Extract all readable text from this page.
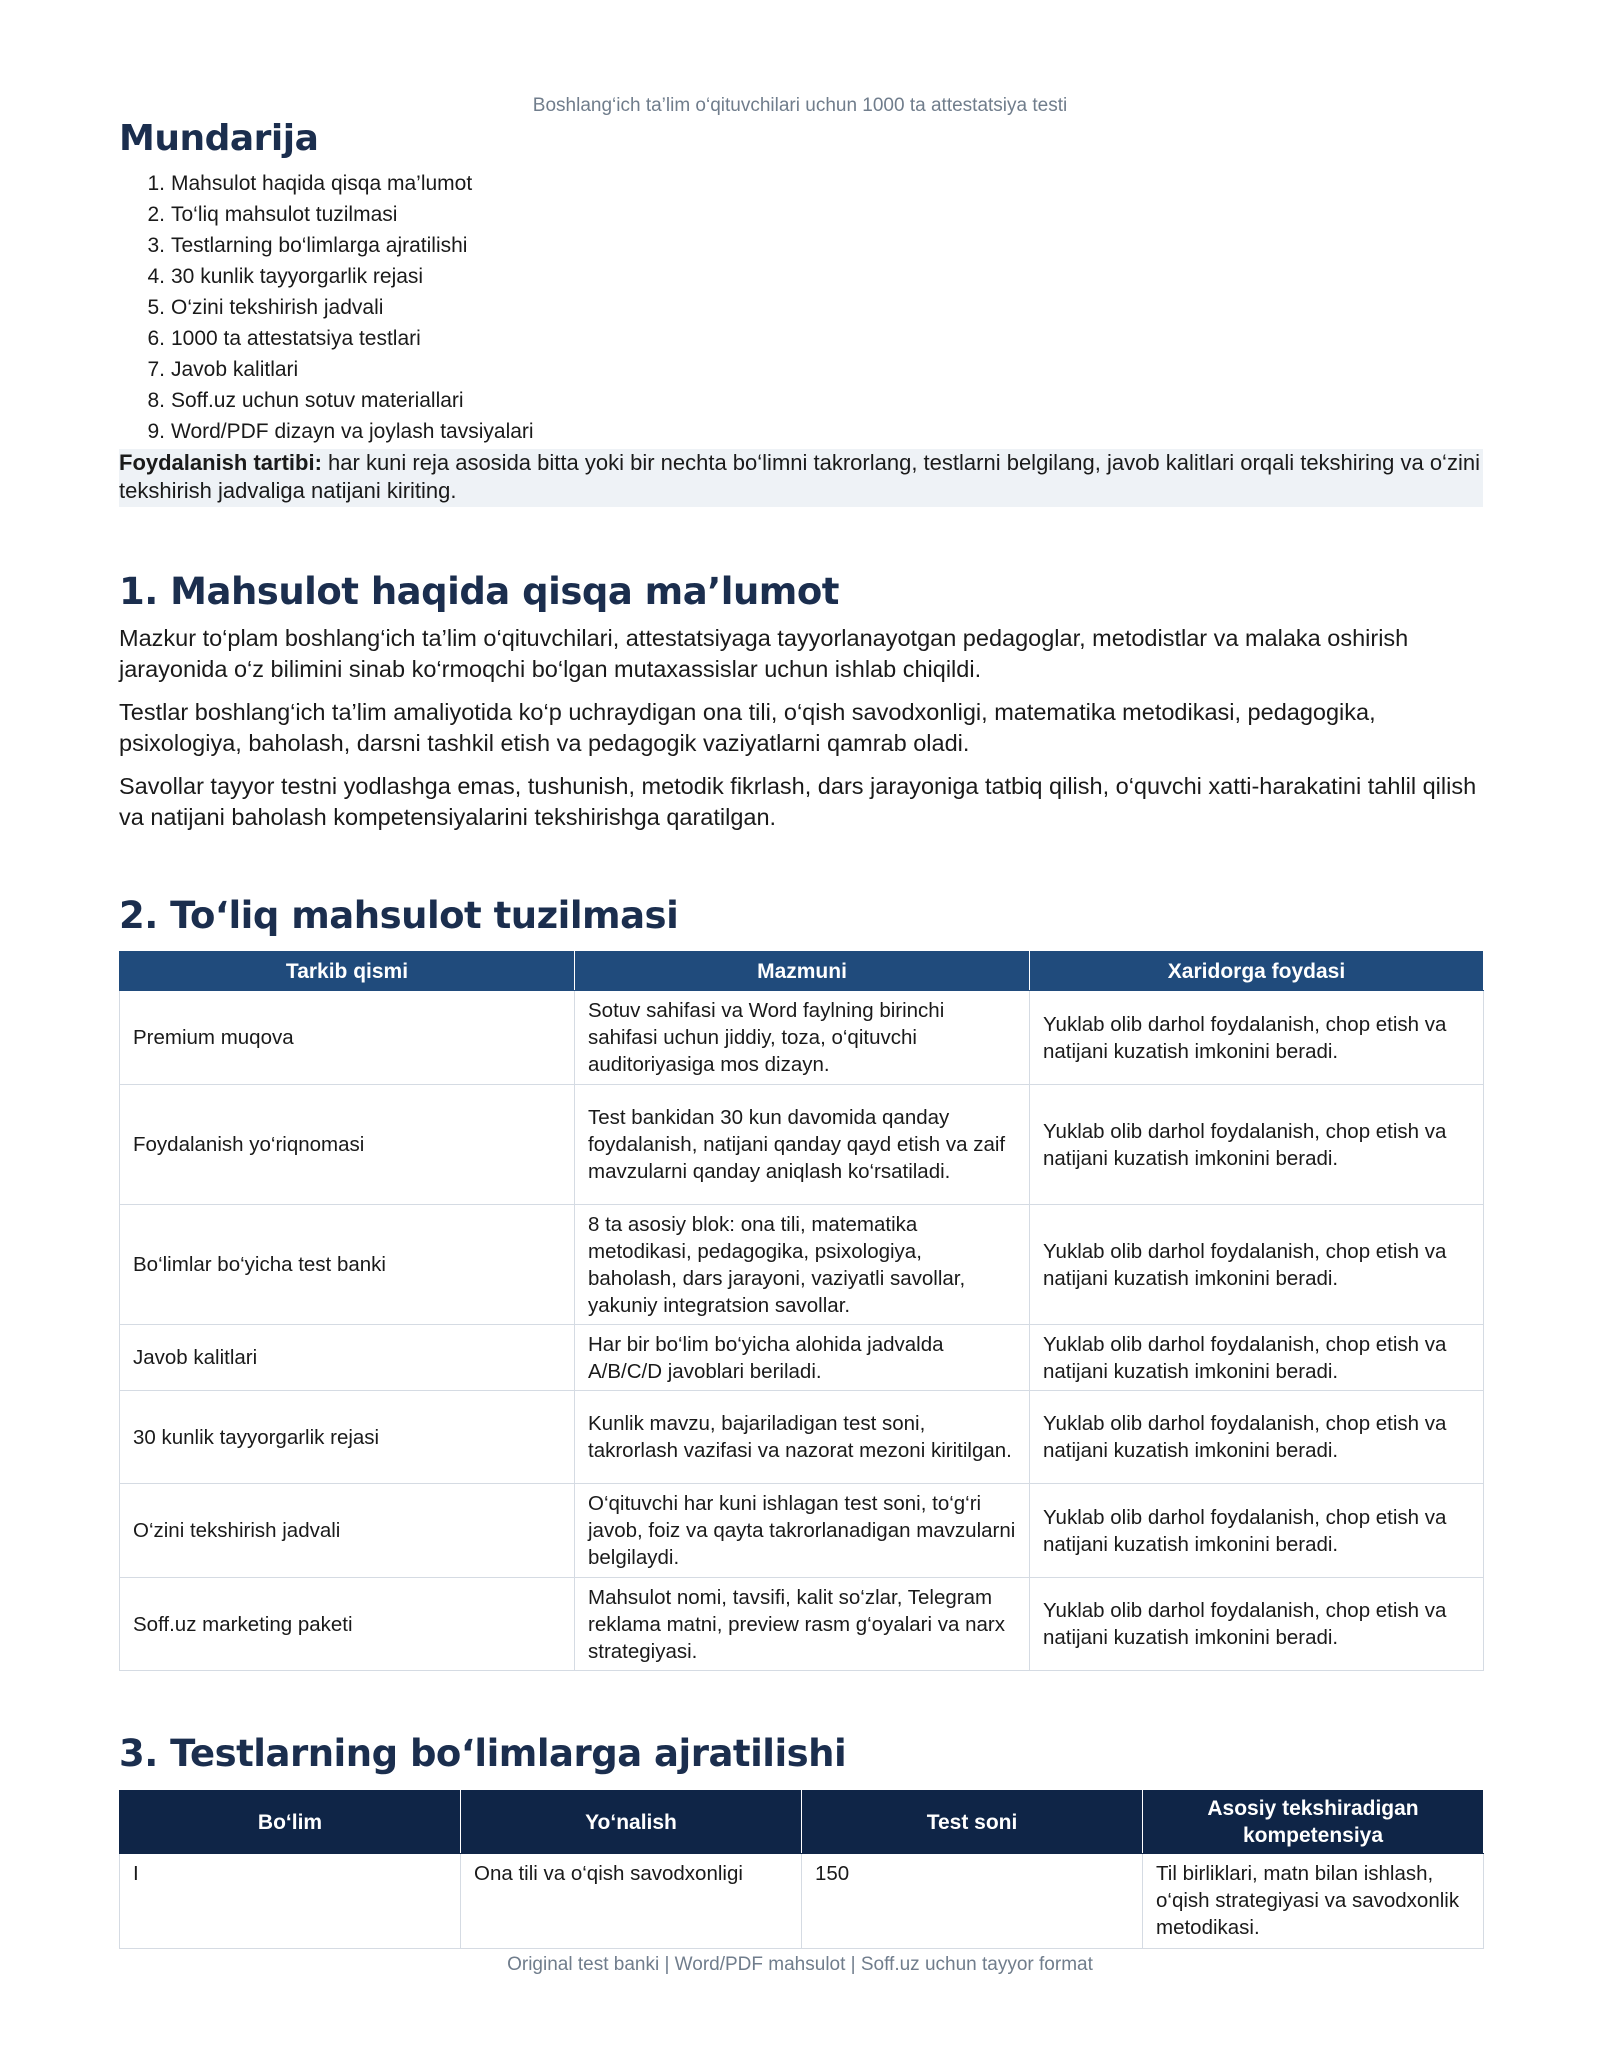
Boshlang‘ich ta’lim o‘qituvchilari uchun 1000 ta attestatsiya testi
Mundarija
1. Mahsulot haqida qisqa ma’lumot
2. To‘liq mahsulot tuzilmasi
3. Testlarning bo‘limlarga ajratilishi
4. 30 kunlik tayyorgarlik rejasi
5. O‘zini tekshirish jadvali
6. 1000 ta attestatsiya testlari
7. Javob kalitlari
8. Soff.uz uchun sotuv materiallari
9. Word/PDF dizayn va joylash tavsiyalari
Foydalanish tartibi: har kuni reja asosida bitta yoki bir nechta bo‘limni takrorlang, testlarni belgilang, javob kalitlari orqali tekshiring va o‘zini tekshirish jadvaliga natijani kiriting.
1. Mahsulot haqida qisqa ma’lumot

Mazkur to‘plam boshlang‘ich ta’lim o‘qituvchilari, attestatsiyaga tayyorlanayotgan pedagoglar, metodistlar va malaka oshirish jarayonida o‘z bilimini sinab ko‘rmoqchi bo‘lgan mutaxassislar uchun ishlab chiqildi.

Testlar boshlang‘ich ta’lim amaliyotida ko‘p uchraydigan ona tili, o‘qish savodxonligi, matematika metodikasi, pedagogika, psixologiya, baholash, darsni tashkil etish va pedagogik vaziyatlarni qamrab oladi.

Savollar tayyor testni yodlashga emas, tushunish, metodik fikrlash, dars jarayoniga tatbiq qilish, o‘quvchi xatti-harakatini tahlil qilish va natijani baholash kompetensiyalarini tekshirishga qaratilgan.

2. To‘liq mahsulot tuzilmasi
Tarkib qismi	Mazmuni	Xaridorga foydasi
Premium muqova	Sotuv sahifasi va Word faylning birinchi sahifasi uchun jiddiy, toza, o‘qituvchi auditoriyasiga mos dizayn.	Yuklab olib darhol foydalanish, chop etish va natijani kuzatish imkonini beradi.
Foydalanish yo‘riqnomasi	Test bankidan 30 kun davomida qanday foydalanish, natijani qanday qayd etish va zaif mavzularni qanday aniqlash ko‘rsatiladi.	Yuklab olib darhol foydalanish, chop etish va natijani kuzatish imkonini beradi.
Bo‘limlar bo‘yicha test banki	8 ta asosiy blok: ona tili, matematika metodikasi, pedagogika, psixologiya, baholash, dars jarayoni, vaziyatli savollar, yakuniy integratsion savollar.	Yuklab olib darhol foydalanish, chop etish va natijani kuzatish imkonini beradi.
Javob kalitlari	Har bir bo‘lim bo‘yicha alohida jadvalda A/B/C/D javoblari beriladi.	Yuklab olib darhol foydalanish, chop etish va natijani kuzatish imkonini beradi.
30 kunlik tayyorgarlik rejasi	Kunlik mavzu, bajariladigan test soni, takrorlash vazifasi va nazorat mezoni kiritilgan.	Yuklab olib darhol foydalanish, chop etish va natijani kuzatish imkonini beradi.
O‘zini tekshirish jadvali	O‘qituvchi har kuni ishlagan test soni, to‘g‘ri javob, foiz va qayta takrorlanadigan mavzularni belgilaydi.	Yuklab olib darhol foydalanish, chop etish va natijani kuzatish imkonini beradi.
Soff.uz marketing paketi	Mahsulot nomi, tavsifi, kalit so‘zlar, Telegram reklama matni, preview rasm g‘oyalari va narx strategiyasi.	Yuklab olib darhol foydalanish, chop etish va natijani kuzatish imkonini beradi.
3. Testlarning bo‘limlarga ajratilishi
Bo‘lim	Yo‘nalish	Test soni	Asosiy tekshiradigan kompetensiya
I	Ona tili va o‘qish savodxonligi	150	Til birliklari, matn bilan ishlash, o‘qish strategiyasi va savodxonlik metodikasi.
Original test banki | Word/PDF mahsulot | Soff.uz uchun tayyor format
